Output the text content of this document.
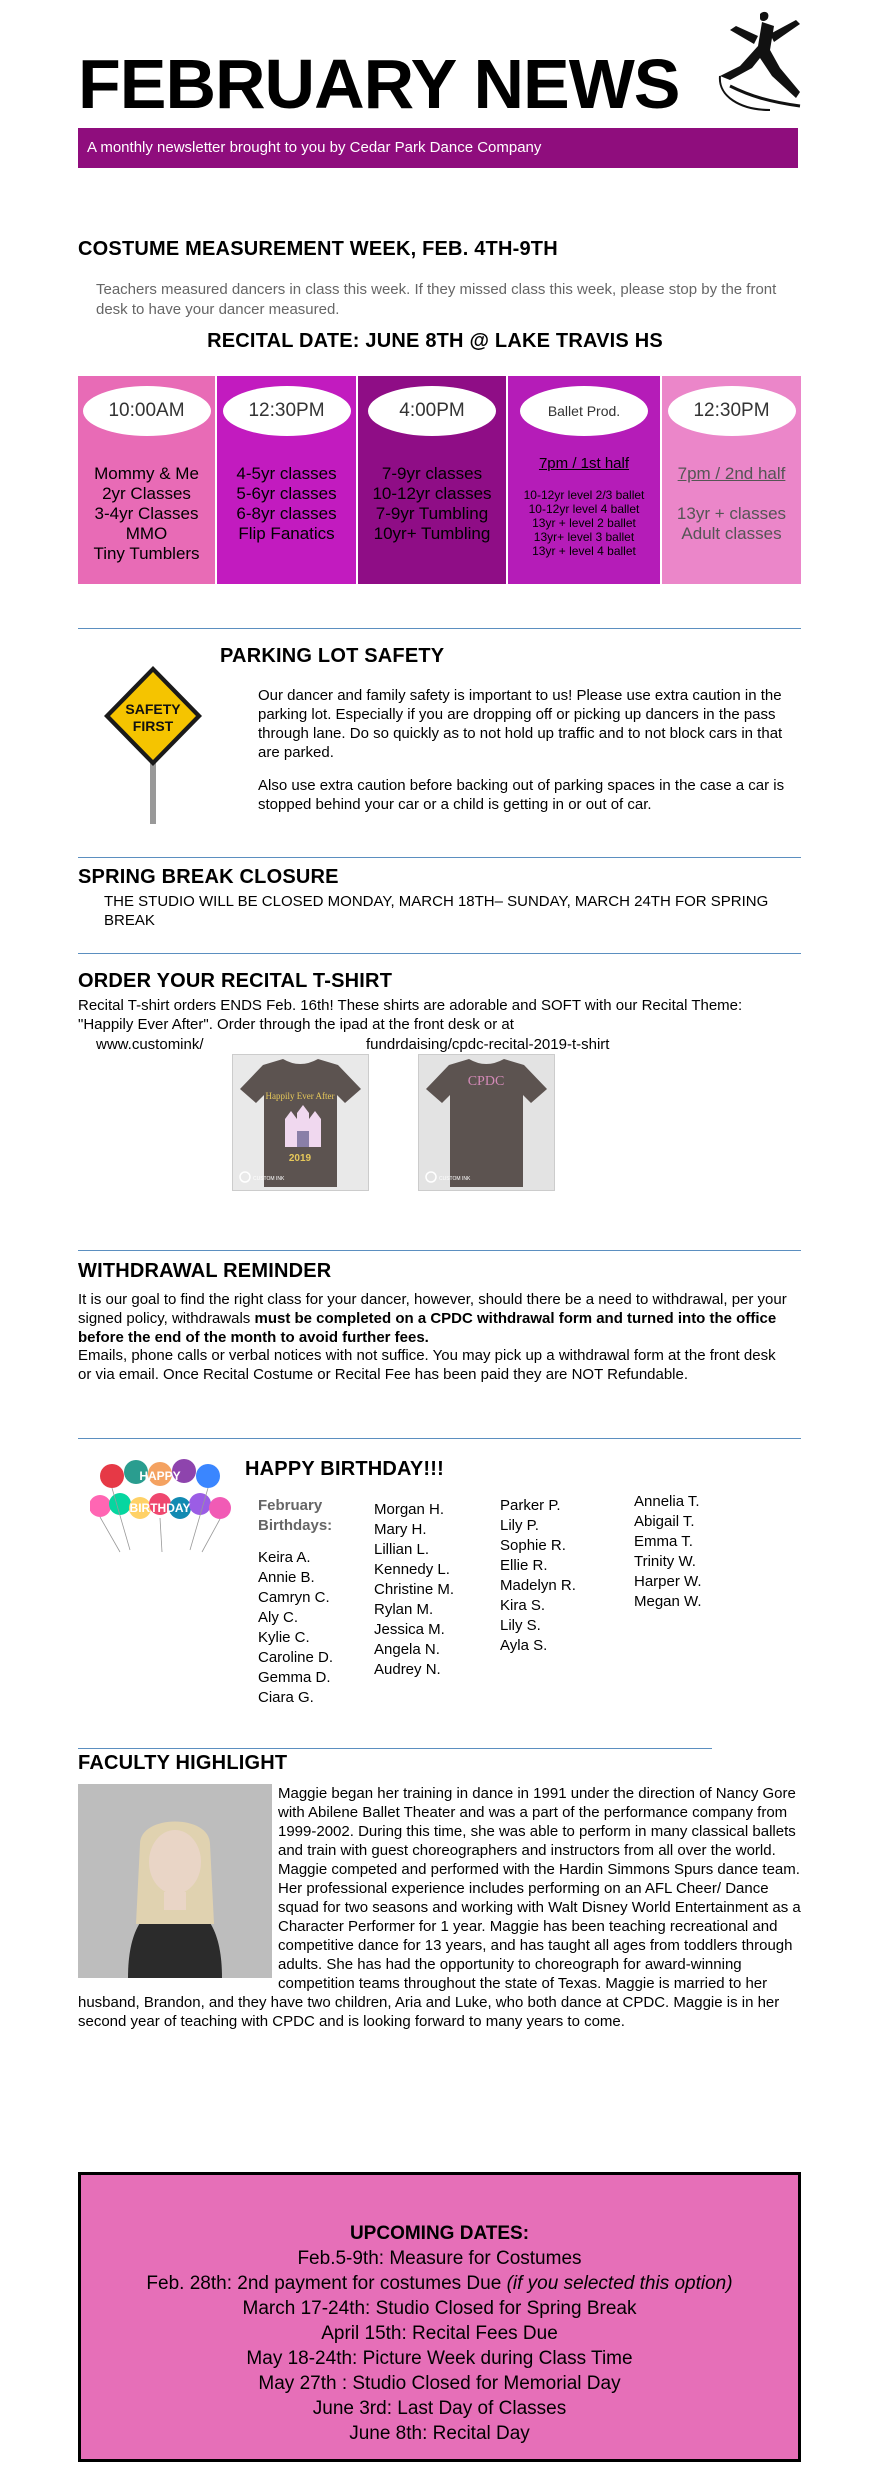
FEBRUARY NEWS
A monthly newsletter brought to you by Cedar Park Dance Company
COSTUME MEASUREMENT WEEK, FEB. 4TH-9TH
Teachers measured dancers in class this week. If they missed class this week, please stop by the front desk to have your dancer measured.
RECITAL DATE: JUNE 8TH @ LAKE TRAVIS HS
10:00AM
Mommy & Me
2yr Classes
3-4yr Classes
MMO
Tiny Tumblers
12:30PM
4-5yr classes
5-6yr classes
6-8yr classes
Flip Fanatics
4:00PM
7-9yr classes
10-12yr classes
7-9yr Tumbling
10yr+ Tumbling
Ballet Prod.
7pm / 1st half
10-12yr level 2/3 ballet
10-12yr level 4 ballet
13yr + level 2 ballet
13yr+ level 3 ballet
13yr + level 4 ballet
12:30PM
7pm / 2nd half
13yr + classes
Adult classes
PARKING LOT SAFETY
SAFETY
FIRST
Our dancer and family safety is important to us! Please use extra caution in the parking lot. Especially if you are dropping off or picking up dancers in the pass through lane. Do so quickly as to not hold up traffic and to not block cars in that are parked.
Also use extra caution before backing out of parking spaces in the case a car is stopped behind your car or a child is getting in or out of car.
SPRING BREAK CLOSURE
THE STUDIO WILL BE CLOSED MONDAY, MARCH 18TH– SUNDAY, MARCH 24TH FOR SPRING BREAK
ORDER YOUR RECITAL T-SHIRT
Recital T-shirt orders ENDS Feb. 16th! These shirts are adorable and SOFT with our Recital Theme: "Happily Ever After". Order through the ipad at the front desk or at
www.customink/	fundrdaising/cpdc-recital-2019-t-shirt
Happily Ever After
2019
CUSTOM INK
CPDC
CUSTOM INK
WITHDRAWAL REMINDER
It is our goal to find the right class for your dancer, however, should there be a need to withdrawal, per your signed policy, withdrawals must be completed on a CPDC withdrawal form and turned into the office before the end of the month to avoid further fees.
Emails, phone calls or verbal notices with not suffice. You may pick up a withdrawal form at the front desk or via email. Once Recital Costume or Recital Fee has been paid they are NOT Refundable.
HAPPY
BIRTHDAY
HAPPY BIRTHDAY!!!
February Birthdays:
Keira A.
Annie B.
Camryn C.
Aly C.
Kylie C.
Caroline D.
Gemma D.
Ciara G.
Morgan H.
Mary H.
Lillian L.
Kennedy L.
Christine M.
Rylan M.
Jessica M.
Angela N.
Audrey N.
Parker P.
Lily P.
Sophie R.
Ellie R.
Madelyn R.
Kira S.
Lily S.
Ayla S.
Annelia T.
Abigail T.
Emma T.
Trinity W.
Harper W.
Megan W.
FACULTY HIGHLIGHT
Maggie began her training in dance in 1991 under the direction of Nancy Gore with Abilene Ballet Theater and was a part of the performance company from 1999-2002. During this time, she was able to perform in many classical ballets and train with guest choreographers and instructors from all over the world. Maggie competed and performed with the Hardin Simmons Spurs dance team. Her professional experience includes performing on an AFL Cheer/ Dance squad for two seasons and working with Walt Disney World Entertainment as a Character Performer for 1 year. Maggie has been teaching recreational and competitive dance for 13 years, and has taught all ages from toddlers through adults. She has had the opportunity to choreograph for award-winning competition teams throughout the state of Texas. Maggie is married to her husband, Brandon, and they have two children, Aria and Luke, who both dance at CPDC. Maggie is in her second year of teaching with CPDC and is looking forward to many years to come.
UPCOMING DATES:
Feb.5-9th: Measure for Costumes
Feb. 28th: 2nd payment for costumes Due (if you selected this option)
March 17-24th: Studio Closed for Spring Break
April 15th: Recital Fees Due
May 18-24th: Picture Week during Class Time
May 27th : Studio Closed for Memorial Day
June 3rd: Last Day of Classes
June 8th: Recital Day
